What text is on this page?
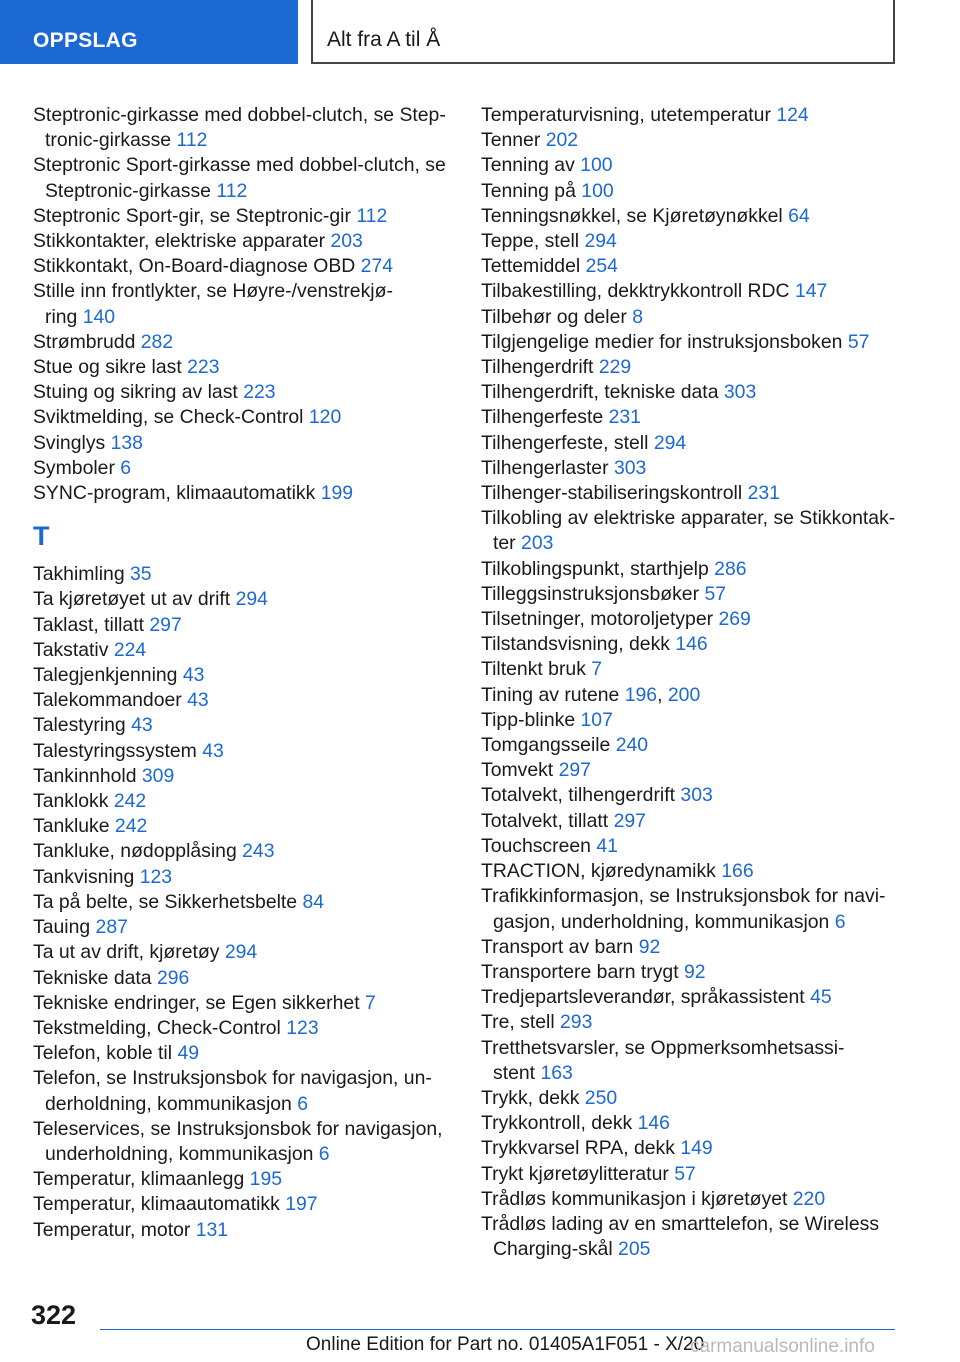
OPPSLAG	Alt fra A til Å
Steptronic-girkasse med dobbel-clutch, se Step-
tronic-girkasse 112
Steptronic Sport-girkasse med dobbel-clutch, se
Steptronic-girkasse 112
Steptronic Sport-gir, se Steptronic-gir 112
Stikkontakter, elektriske apparater 203
Stikkontakt, On-Board-diagnose OBD 274
Stille inn frontlykter, se Høyre-/venstrekjø-
ring 140
Strømbrudd 282
Stue og sikre last 223
Stuing og sikring av last 223
Sviktmelding, se Check-Control 120
Svinglys 138
Symboler 6
SYNC-program, klimaautomatikk 199
T
Takhimling 35
Ta kjøretøyet ut av drift 294
Taklast, tillatt 297
Takstativ 224
Talegjenkjenning 43
Talekommandoer 43
Talestyring 43
Talestyringssystem 43
Tankinnhold 309
Tanklokk 242
Tankluke 242
Tankluke, nødopplåsing 243
Tankvisning 123
Ta på belte, se Sikkerhetsbelte 84
Tauing 287
Ta ut av drift, kjøretøy 294
Tekniske data 296
Tekniske endringer, se Egen sikkerhet 7
Tekstmelding, Check-Control 123
Telefon, koble til 49
Telefon, se Instruksjonsbok for navigasjon, un-
derholdning, kommunikasjon 6
Teleservices, se Instruksjonsbok for navigasjon,
underholdning, kommunikasjon 6
Temperatur, klimaanlegg 195
Temperatur, klimaautomatikk 197
Temperatur, motor 131
Temperaturvisning, utetemperatur 124
Tenner 202
Tenning av 100
Tenning på 100
Tenningsnøkkel, se Kjøretøynøkkel 64
Teppe, stell 294
Tettemiddel 254
Tilbakestilling, dekktrykkontroll RDC 147
Tilbehør og deler 8
Tilgjengelige medier for instruksjonsboken 57
Tilhengerdrift 229
Tilhengerdrift, tekniske data 303
Tilhengerfeste 231
Tilhengerfeste, stell 294
Tilhengerlaster 303
Tilhenger-stabiliseringskontroll 231
Tilkobling av elektriske apparater, se Stikkontak-
ter 203
Tilkoblingspunkt, starthjelp 286
Tilleggsinstruksjonsbøker 57
Tilsetninger, motoroljetyper 269
Tilstandsvisning, dekk 146
Tiltenkt bruk 7
Tining av rutene 196, 200
Tipp-blinke 107
Tomgangsseile 240
Tomvekt 297
Totalvekt, tilhengerdrift 303
Totalvekt, tillatt 297
Touchscreen 41
TRACTION, kjøredynamikk 166
Trafikkinformasjon, se Instruksjonsbok for navi-
gasjon, underholdning, kommunikasjon 6
Transport av barn 92
Transportere barn trygt 92
Tredjepartsleverandør, språkassistent 45
Tre, stell 293
Tretthetsvarsler, se Oppmerksomhetsassi-
stent 163
Trykk, dekk 250
Trykkontroll, dekk 146
Trykkvarsel RPA, dekk 149
Trykt kjøretøylitteratur 57
Trådløs kommunikasjon i kjøretøyet 220
Trådløs lading av en smarttelefon, se Wireless
Charging-skål 205
322
Online Edition for Part no. 01405A1F051 - X/20
carmanualsonline.info
